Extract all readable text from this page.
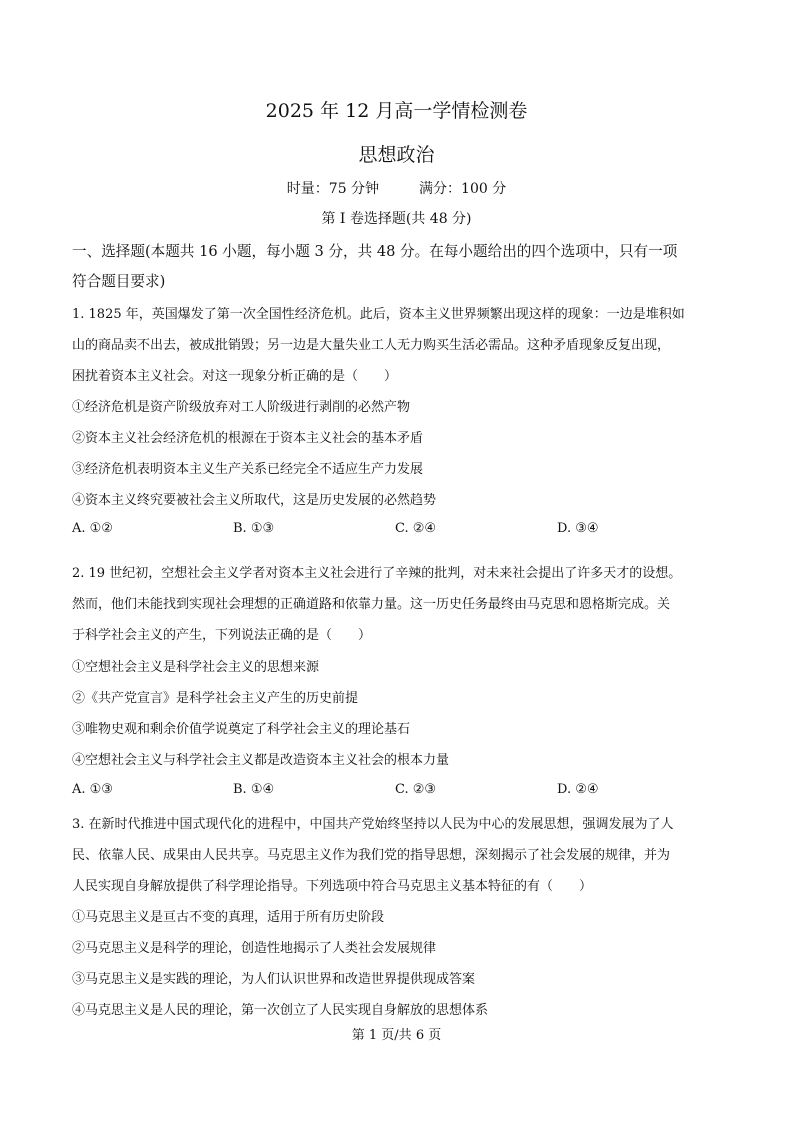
2025 年 12 月高一学情检测卷
思想政治
时量：75 分钟	满分：100 分
第 I 卷选择题(共 48 分)
一、选择题(本题共 16 小题，每小题 3 分，共 48 分。在每小题给出的四个选项中，只有一项
符合题目要求)
1. 1825 年，英国爆发了第一次全国性经济危机。此后，资本主义世界频繁出现这样的现象：一边是堆积如
山的商品卖不出去，被成批销毁；另一边是大量失业工人无力购买生活必需品。这种矛盾现象反复出现，
困扰着资本主义社会。对这一现象分析正确的是（　　）
①经济危机是资产阶级放弃对工人阶级进行剥削的必然产物
②资本主义社会经济危机的根源在于资本主义社会的基本矛盾
③经济危机表明资本主义生产关系已经完全不适应生产力发展
④资本主义终究要被社会主义所取代，这是历史发展的必然趋势
A. ①②	B. ①③	C. ②④	D. ③④
2. 19 世纪初，空想社会主义学者对资本主义社会进行了辛辣的批判，对未来社会提出了许多天才的设想。
然而，他们未能找到实现社会理想的正确道路和依靠力量。这一历史任务最终由马克思和恩格斯完成。关
于科学社会主义的产生，下列说法正确的是（　　）
①空想社会主义是科学社会主义的思想来源
②《共产党宣言》是科学社会主义产生的历史前提
③唯物史观和剩余价值学说奠定了科学社会主义的理论基石
④空想社会主义与科学社会主义都是改造资本主义社会的根本力量
A. ①③	B. ①④	C. ②③	D. ②④
3. 在新时代推进中国式现代化的进程中，中国共产党始终坚持以人民为中心的发展思想，强调发展为了人
民、依靠人民、成果由人民共享。马克思主义作为我们党的指导思想，深刻揭示了社会发展的规律，并为
人民实现自身解放提供了科学理论指导。下列选项中符合马克思主义基本特征的有（　　）
①马克思主义是亘古不变的真理，适用于所有历史阶段
②马克思主义是科学的理论，创造性地揭示了人类社会发展规律
③马克思主义是实践的理论，为人们认识世界和改造世界提供现成答案
④马克思主义是人民的理论，第一次创立了人民实现自身解放的思想体系
第 1 页/共 6 页
